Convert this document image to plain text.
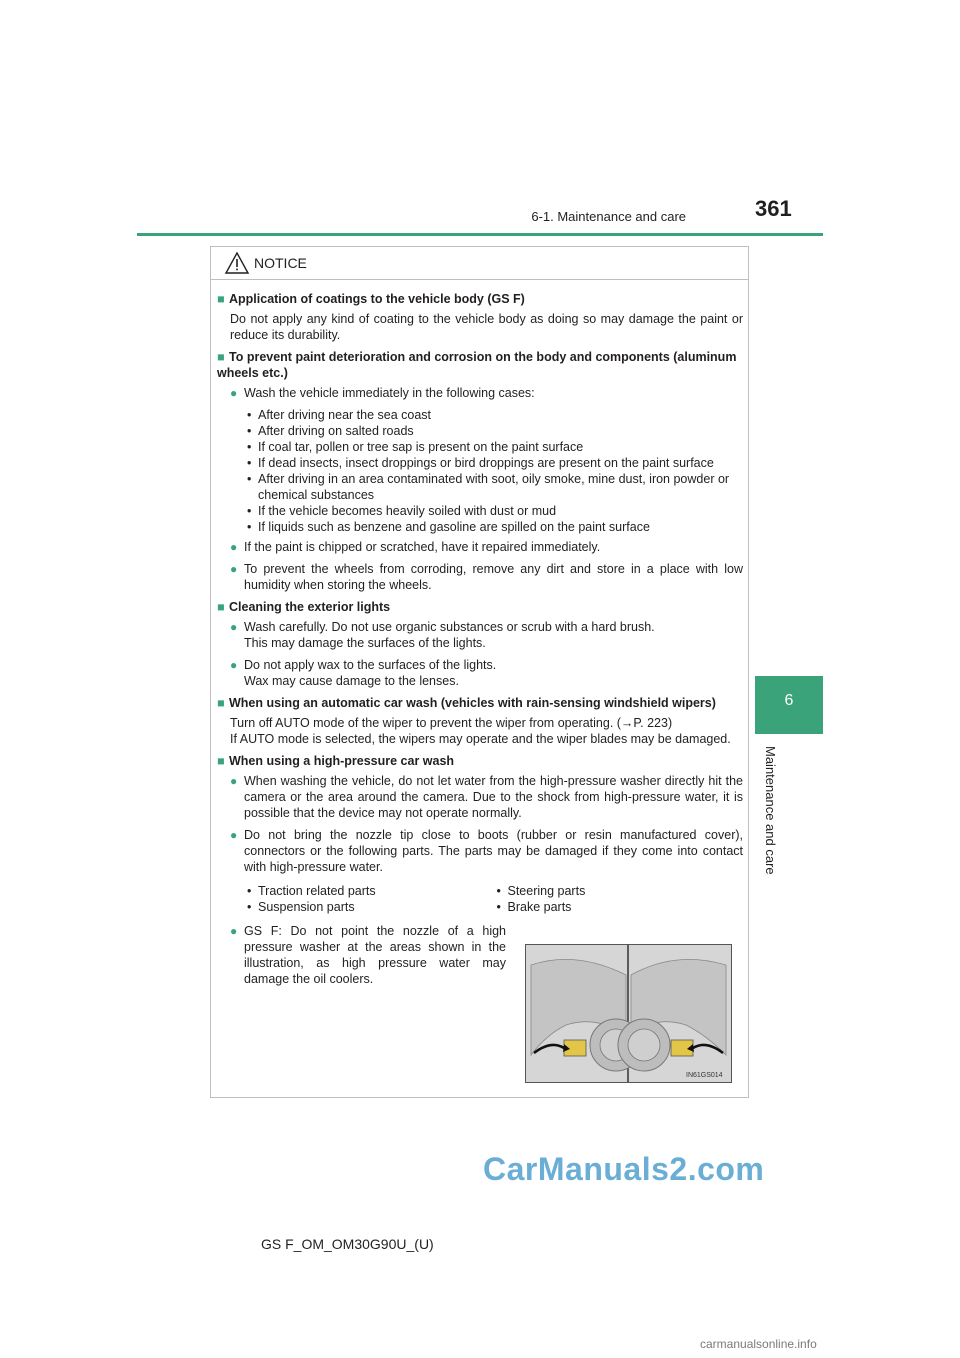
6-1. Maintenance and care	361
6
Maintenance and care
NOTICE
■ Application of coatings to the vehicle body (GS F)
Do not apply any kind of coating to the vehicle body as doing so may damage the paint or reduce its durability.
■ To prevent paint deterioration and corrosion on the body and components (aluminum wheels etc.)
● Wash the vehicle immediately in the following cases:
• After driving near the sea coast
• After driving on salted roads
• If coal tar, pollen or tree sap is present on the paint surface
• If dead insects, insect droppings or bird droppings are present on the paint surface
• After driving in an area contaminated with soot, oily smoke, mine dust, iron powder or chemical substances
• If the vehicle becomes heavily soiled with dust or mud
• If liquids such as benzene and gasoline are spilled on the paint surface
● If the paint is chipped or scratched, have it repaired immediately.
● To prevent the wheels from corroding, remove any dirt and store in a place with low humidity when storing the wheels.
■ Cleaning the exterior lights
● Wash carefully. Do not use organic substances or scrub with a hard brush.
This may damage the surfaces of the lights.
● Do not apply wax to the surfaces of the lights.
Wax may cause damage to the lenses.
■ When using an automatic car wash (vehicles with rain-sensing windshield wipers)
Turn off AUTO mode of the wiper to prevent the wiper from operating. (→P. 223)
If AUTO mode is selected, the wipers may operate and the wiper blades may be damaged.
■ When using a high-pressure car wash
● When washing the vehicle, do not let water from the high-pressure washer directly hit the camera or the area around the camera. Due to the shock from high-pressure water, it is possible that the device may not operate normally.
● Do not bring the nozzle tip close to boots (rubber or resin manufactured cover), connectors or the following parts. The parts may be damaged if they come into contact with high-pressure water.
• Traction related parts
• Suspension parts
• Steering parts
• Brake parts
● GS F: Do not point the nozzle of a high pressure washer at the areas shown in the illustration, as high pressure water may damage the oil coolers.
IN61GS014
GS F_OM_OM30G90U_(U)
CarManuals2.com
carmanualsonline.info
